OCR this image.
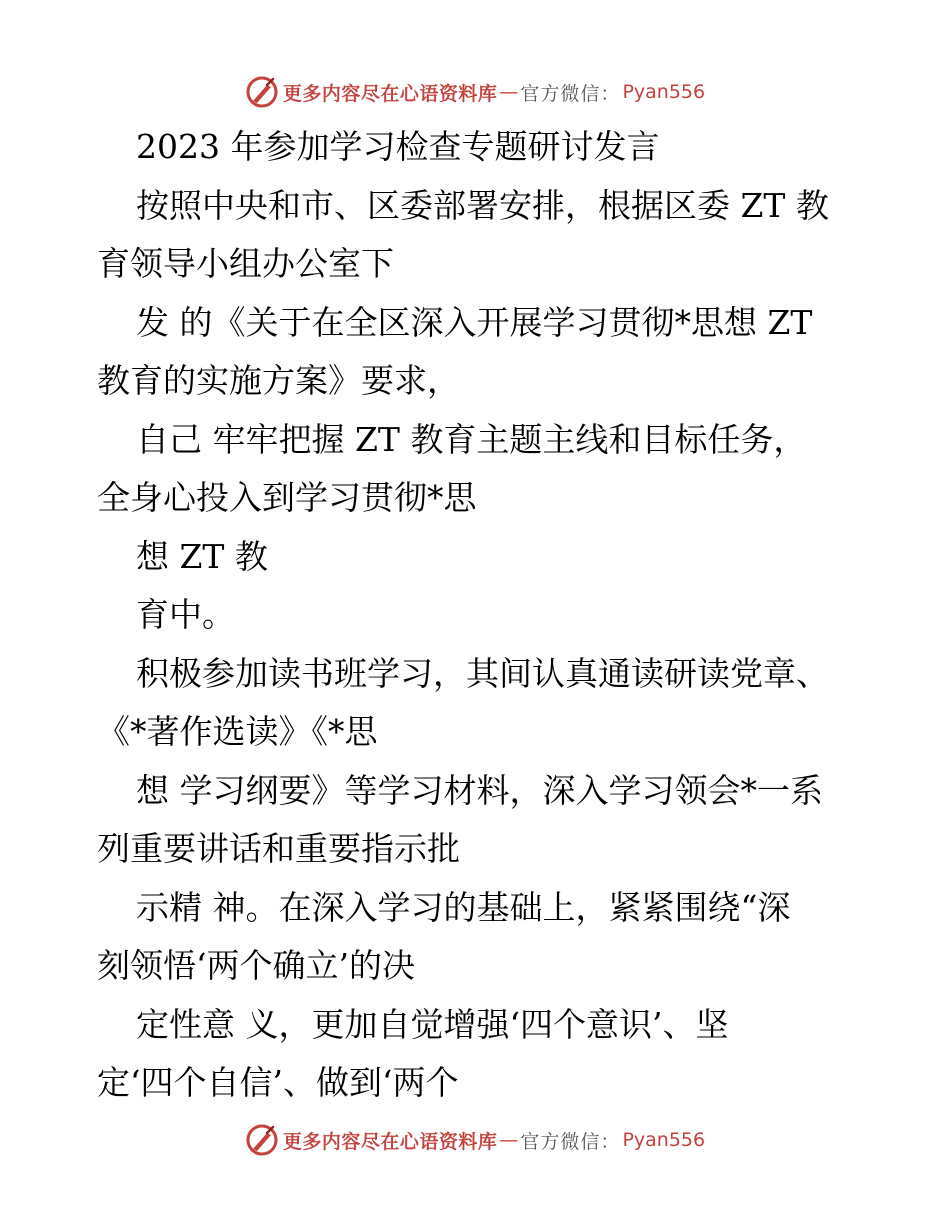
更多内容尽在心语资料库 — 官方微信： Pyan556
2023 年参加学习检查专题研讨发言
按照中央和市、区委部署安排，根据区委 ZT 教
育领导小组办公室下
发 的《关于在全区深入开展学习贯彻*思想 ZT
教育的实施方案》要求，
自己 牢牢把握 ZT 教育主题主线和目标任务，
全身心投入到学习贯彻*思
想 ZT 教
育中。
积极参加读书班学习，其间认真通读研读党章、
《*著作选读》《*思
想 学习纲要》等学习材料，深入学习领会*一系
列重要讲话和重要指示批
示精 神。在深入学习的基础上，紧紧围绕“深
刻领悟‘两个确立’的决
定性意 义，更加自觉增强‘四个意识’、坚
定‘四个自信’、做到‘两个
更多内容尽在心语资料库 — 官方微信： Pyan556
